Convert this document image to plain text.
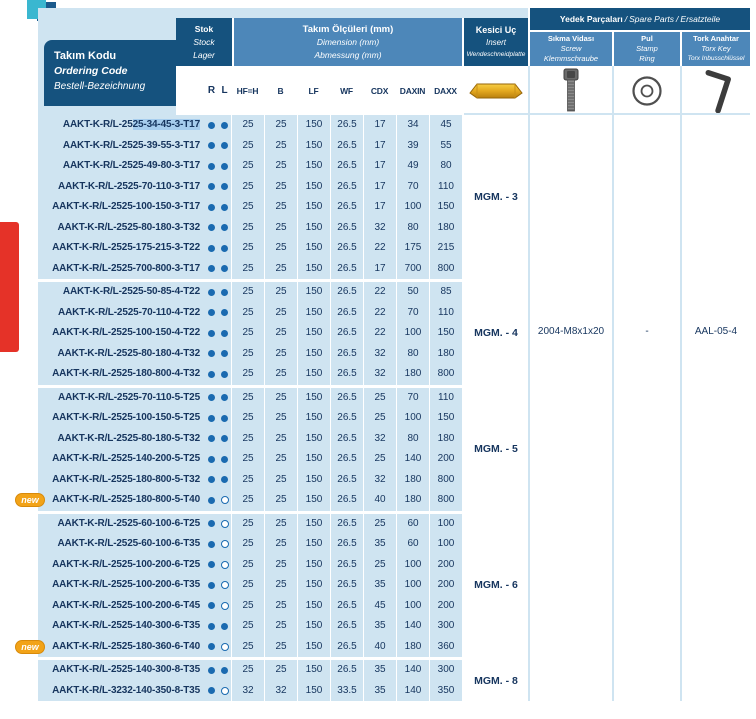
Takım Kodu
Ordering Code
Bestell-Bezeichnung
Stok
Stock
Lager
Takım Ölçüleri (mm)
Dimension (mm)
Abmessung (mm)
Kesici Uç
Insert
Wendeschneidplatte
Yedek Parçaları / Spare Parts / Ersatzteile
Sıkma Vidası
Screw
Klemmschraube
Pul
Stamp
Ring
Tork Anahtar
Torx Key
Torx Inbusschlüssel
R L	HF=H	B	LF	WF	CDX	DAXIN	DAXX
2004-M8x1x20	-	AAL-05-4
AAKT-K-R/L-2525-34-45-3-T17	25	25	150	26.5	17	34	45
AAKT-K-R/L-2525-39-55-3-T17	25	25	150	26.5	17	39	55
AAKT-K-R/L-2525-49-80-3-T17	25	25	150	26.5	17	49	80
AAKT-K-R/L-2525-70-110-3-T17	25	25	150	26.5	17	70	110
AAKT-K-R/L-2525-100-150-3-T17	25	25	150	26.5	17	100	150
AAKT-K-R/L-2525-80-180-3-T32	25	25	150	26.5	32	80	180
AAKT-K-R/L-2525-175-215-3-T22	25	25	150	26.5	22	175	215
AAKT-K-R/L-2525-700-800-3-T17	25	25	150	26.5	17	700	800
MGM. - 3
AAKT-K-R/L-2525-50-85-4-T22	25	25	150	26.5	22	50	85
AAKT-K-R/L-2525-70-110-4-T22	25	25	150	26.5	22	70	110
AAKT-K-R/L-2525-100-150-4-T22	25	25	150	26.5	22	100	150
AAKT-K-R/L-2525-80-180-4-T32	25	25	150	26.5	32	80	180
AAKT-K-R/L-2525-180-800-4-T32	25	25	150	26.5	32	180	800
MGM. - 4
AAKT-K-R/L-2525-70-110-5-T25	25	25	150	26.5	25	70	110
AAKT-K-R/L-2525-100-150-5-T25	25	25	150	26.5	25	100	150
AAKT-K-R/L-2525-80-180-5-T32	25	25	150	26.5	32	80	180
AAKT-K-R/L-2525-140-200-5-T25	25	25	150	26.5	25	140	200
AAKT-K-R/L-2525-180-800-5-T32	25	25	150	26.5	32	180	800
new	AAKT-K-R/L-2525-180-800-5-T40	25	25	150	26.5	40	180	800
MGM. - 5
AAKT-K-R/L-2525-60-100-6-T25	25	25	150	26.5	25	60	100
AAKT-K-R/L-2525-60-100-6-T35	25	25	150	26.5	35	60	100
AAKT-K-R/L-2525-100-200-6-T25	25	25	150	26.5	25	100	200
AAKT-K-R/L-2525-100-200-6-T35	25	25	150	26.5	35	100	200
AAKT-K-R/L-2525-100-200-6-T45	25	25	150	26.5	45	100	200
AAKT-K-R/L-2525-140-300-6-T35	25	25	150	26.5	35	140	300
new	AAKT-K-R/L-2525-180-360-6-T40	25	25	150	26.5	40	180	360
MGM. - 6
AAKT-K-R/L-2525-140-300-8-T35	25	25	150	26.5	35	140	300
AAKT-K-R/L-3232-140-350-8-T35	32	32	150	33.5	35	140	350
MGM. - 8
